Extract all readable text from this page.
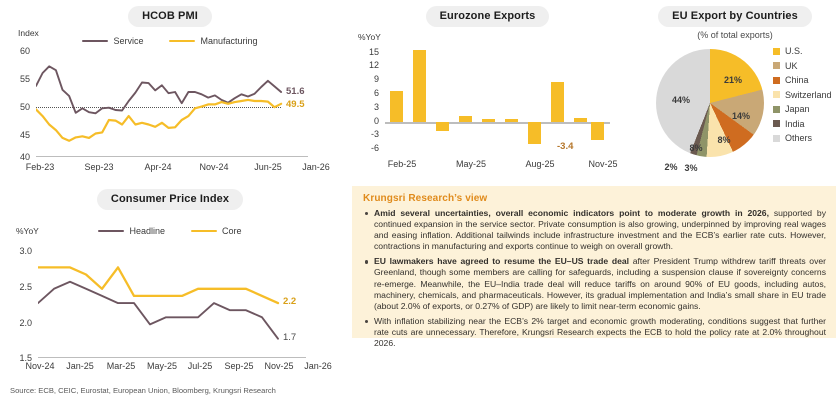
HCOB PMI
Index
Service	Manufacturing
60
55
50
45
40
51.6
49.5
Feb-23	Sep-23	Apr-24	Nov-24	Jun-25 Jan-26
Consumer Price Index
%YoY	Headline	Core
3.0
2.5
2.0
1.5
2.2
1.7
Nov-24 Jan-25 Mar-25 May-25 Jul-25 Sep-25 Nov-25 Jan-26
Source: ECB, CEIC, Eurostat, European Union, Bloomberg, Krungsri Research
Eurozone Exports
%YoY
15
12
9
6
3
0
-3
-6	-3.4
Feb-25	May-25	Aug-25	Nov-25
EU Export by Countries
(% of total exports)
21%
14%
8%
8%
3%
2%
44%
U.S.
UK
China
Switzerland
Japan
India
Others
Krungsri Research’s view
Amid several uncertainties, overall economic indicators point to moderate growth in 2026, supported by continued expansion in the service sector. Private consumption is also growing, underpinned by improving real wages and easing inflation. Additional tailwinds include infrastructure investment and the ECB’s earlier rate cuts. However, contractions in manufacturing and exports continue to weigh on overall growth.
EU lawmakers have agreed to resume the EU–US trade deal after President Trump withdrew tariff threats over Greenland, though some members are calling for safeguards, including a suspension clause if sovereignty concerns re-emerge. Meanwhile, the EU–India trade deal will reduce tariffs on around 90% of EU goods, including autos, machinery, chemicals, and pharmaceuticals. However, its gradual implementation and India’s small share in EU trade (about 2.0% of exports, or 0.27% of GDP) are likely to limit near-term economic gains.
With inflation stabilizing near the ECB’s 2% target and economic growth moderating, conditions suggest that further rate cuts are unnecessary. Therefore, Krungsri Research expects the ECB to hold the policy rate at 2.0% throughout 2026.
